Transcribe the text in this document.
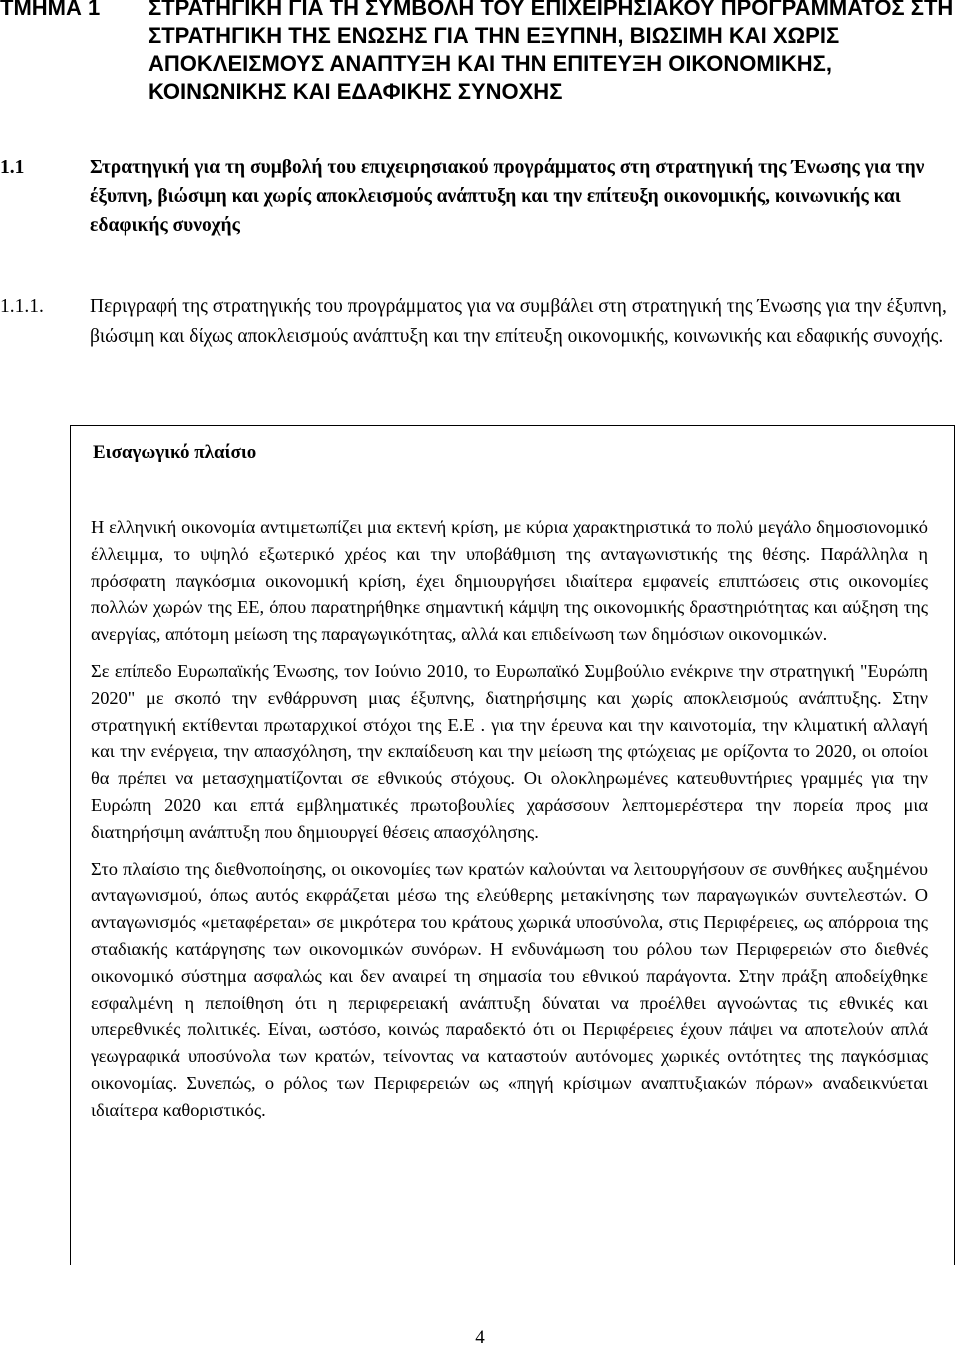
ΤΜΗΜΑ 1 ΣΤΡΑΤΗΓΙΚΗ ΓΙΑ ΤΗ ΣΥΜΒΟΛΗ ΤΟΥ ΕΠΙΧΕΙΡΗΣΙΑΚΟΥ ΠΡΟΓΡΑΜΜΑΤΟΣ ΣΤΗ ΣΤΡΑΤΗΓΙΚΗ ΤΗΣ ΕΝΩΣΗΣ ΓΙΑ ΤΗΝ ΕΞΥΠΝΗ, ΒΙΩΣΙΜΗ ΚΑΙ ΧΩΡΙΣ ΑΠΟΚΛΕΙΣΜΟΥΣ ΑΝΑΠΤΥΞΗ ΚΑΙ ΤΗΝ ΕΠΙΤΕΥΞΗ ΟΙΚΟΝΟΜΙΚΗΣ, ΚΟΙΝΩΝΙΚΗΣ ΚΑΙ ΕΔΑΦΙΚΗΣ ΣΥΝΟΧΗΣ
1.1	Στρατηγική για τη συμβολή του επιχειρησιακού προγράμματος στη στρατηγική της Ένωσης για την έξυπνη, βιώσιμη και χωρίς αποκλεισμούς ανάπτυξη και την επίτευξη οικονομικής, κοινωνικής και εδαφικής συνοχής
1.1.1. Περιγραφή της στρατηγικής του προγράμματος για να συμβάλει στη στρατηγική της Ένωσης για την έξυπνη, βιώσιμη και δίχως αποκλεισμούς ανάπτυξη και την επίτευξη οικονομικής, κοινωνικής και εδαφικής συνοχής.
Εισαγωγικό πλαίσιο

Η ελληνική οικονομία αντιμετωπίζει μια εκτενή κρίση, με κύρια χαρακτηριστικά το πολύ μεγάλο δημοσιονομικό έλλειμμα, το υψηλό εξωτερικό χρέος και την υποβάθμιση της ανταγωνιστικής της θέσης. Παράλληλα η πρόσφατη παγκόσμια οικονομική κρίση, έχει δημιουργήσει ιδιαίτερα εμφανείς επιπτώσεις στις οικονομίες πολλών χωρών της ΕΕ, όπου παρατηρήθηκε σημαντική κάμψη της οικονομικής δραστηριότητας και αύξηση της ανεργίας, απότομη μείωση της παραγωγικότητας, αλλά και επιδείνωση των δημόσιων οικονομικών.

Σε επίπεδο Ευρωπαϊκής Ένωσης, τον Ιούνιο 2010, το Ευρωπαϊκό Συμβούλιο ενέκρινε την στρατηγική "Ευρώπη 2020" με σκοπό την ενθάρρυνση μιας έξυπνης, διατηρήσιμης και χωρίς αποκλεισμούς ανάπτυξης. Στην στρατηγική εκτίθενται πρωταρχικοί στόχοι της Ε.Ε . για την έρευνα και την καινοτομία, την κλιματική αλλαγή και την ενέργεια, την απασχόληση, την εκπαίδευση και την μείωση της φτώχειας με ορίζοντα το 2020, οι οποίοι θα πρέπει να μετασχηματίζονται σε εθνικούς στόχους. Οι ολοκληρωμένες κατευθυντήριες γραμμές για την Ευρώπη 2020 και επτά εμβληματικές πρωτοβουλίες χαράσσουν λεπτομερέστερα την πορεία προς μια διατηρήσιμη ανάπτυξη που δημιουργεί θέσεις απασχόλησης.

Στο πλαίσιο της διεθνοποίησης, οι οικονομίες των κρατών καλούνται να λειτουργήσουν σε συνθήκες αυξημένου ανταγωνισμού, όπως αυτός εκφράζεται μέσω της ελεύθερης μετακίνησης των παραγωγικών συντελεστών. Ο ανταγωνισμός «μεταφέρεται» σε μικρότερα του κράτους χωρικά υποσύνολα, στις Περιφέρειες, ως απόρροια της σταδιακής κατάργησης των οικονομικών συνόρων. Η ενδυνάμωση του ρόλου των Περιφερειών στο διεθνές οικονομικό σύστημα ασφαλώς και δεν αναιρεί τη σημασία του εθνικού παράγοντα. Στην πράξη αποδείχθηκε εσφαλμένη η πεποίθηση ότι η περιφερειακή ανάπτυξη δύναται να προέλθει αγνοώντας τις εθνικές και υπερεθνικές πολιτικές. Είναι, ωστόσο, κοινώς παραδεκτό ότι οι Περιφέρειες έχουν πάψει να αποτελούν απλά γεωγραφικά υποσύνολα των κρατών, τείνοντας να καταστούν αυτόνομες χωρικές οντότητες της παγκόσμιας οικονομίας. Συνεπώς, ο ρόλος των Περιφερειών ως «πηγή κρίσιμων αναπτυξιακών πόρων» αναδεικνύεται ιδιαίτερα καθοριστικός.

4
